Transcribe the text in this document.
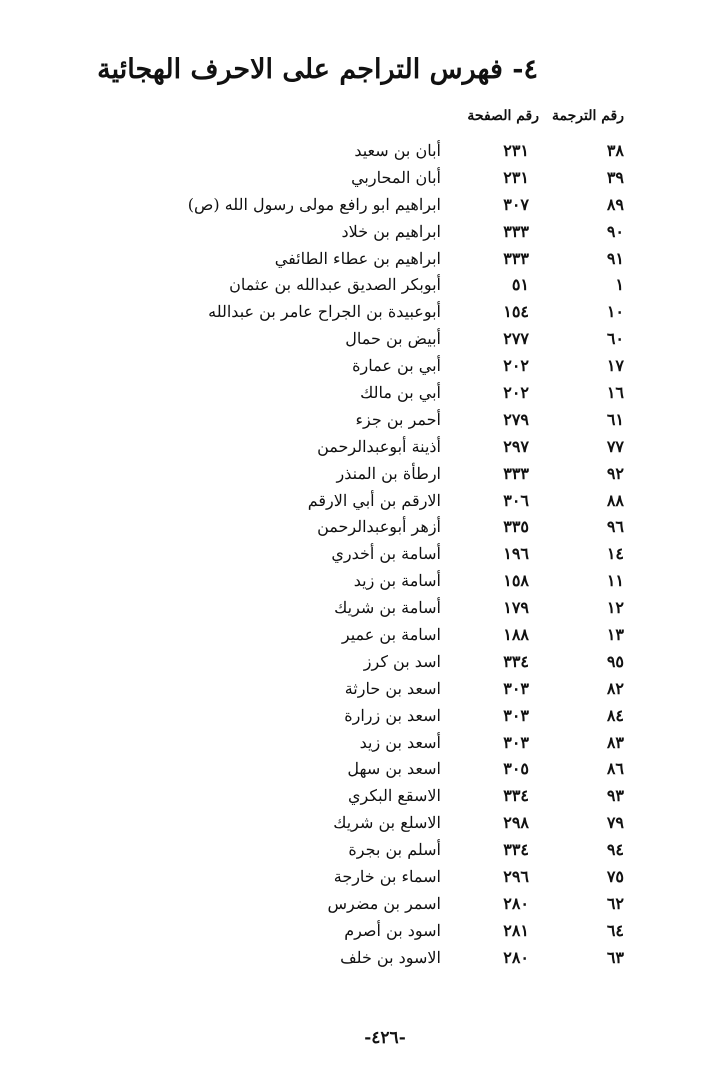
٤- فهرس التراجم على الاحرف الهجائية
رقم الترجمة
رقم الصفحة
٣٨
٢٣١
أبان بن سعيد
٣٩
٢٣١
أبان المحاربي
٨٩
٣٠٧
ابراهيم ابو رافع مولى رسول الله (ص)
٩٠
٣٣٣
ابراهيم بن خلاد
٩١
٣٣٣
ابراهيم بن عطاء الطائفي
١
٥١
أبوبكر الصديق عبدالله بن عثمان
١٠
١٥٤
أبوعبيدة بن الجراح عامر بن عبدالله
٦٠
٢٧٧
أبيض بن حمال
١٧
٢٠٢
أبي بن عمارة
١٦
٢٠٢
أبي بن مالك
٦١
٢٧٩
أحمر بن جزء
٧٧
٢٩٧
أذينة أبوعبدالرحمن
٩٢
٣٣٣
ارطأة بن المنذر
٨٨
٣٠٦
الارقم بن أبي الارقم
٩٦
٣٣٥
أزهر أبوعبدالرحمن
١٤
١٩٦
أسامة بن أخدري
١١
١٥٨
أسامة بن زيد
١٢
١٧٩
أسامة بن شريك
١٣
١٨٨
اسامة بن عمير
٩٥
٣٣٤
اسد بن كرز
٨٢
٣٠٣
اسعد بن حارثة
٨٤
٣٠٣
اسعد بن زرارة
٨٣
٣٠٣
أسعد بن زيد
٨٦
٣٠٥
اسعد بن سهل
٩٣
٣٣٤
الاسقع البكري
٧٩
٢٩٨
الاسلع بن شريك
٩٤
٣٣٤
أسلم بن بجرة
٧٥
٢٩٦
اسماء بن خارجة
٦٢
٢٨٠
اسمر بن مضرس
٦٤
٢٨١
اسود بن أصرم
٦٣
٢٨٠
الاسود بن خلف
-٤٢٦-
